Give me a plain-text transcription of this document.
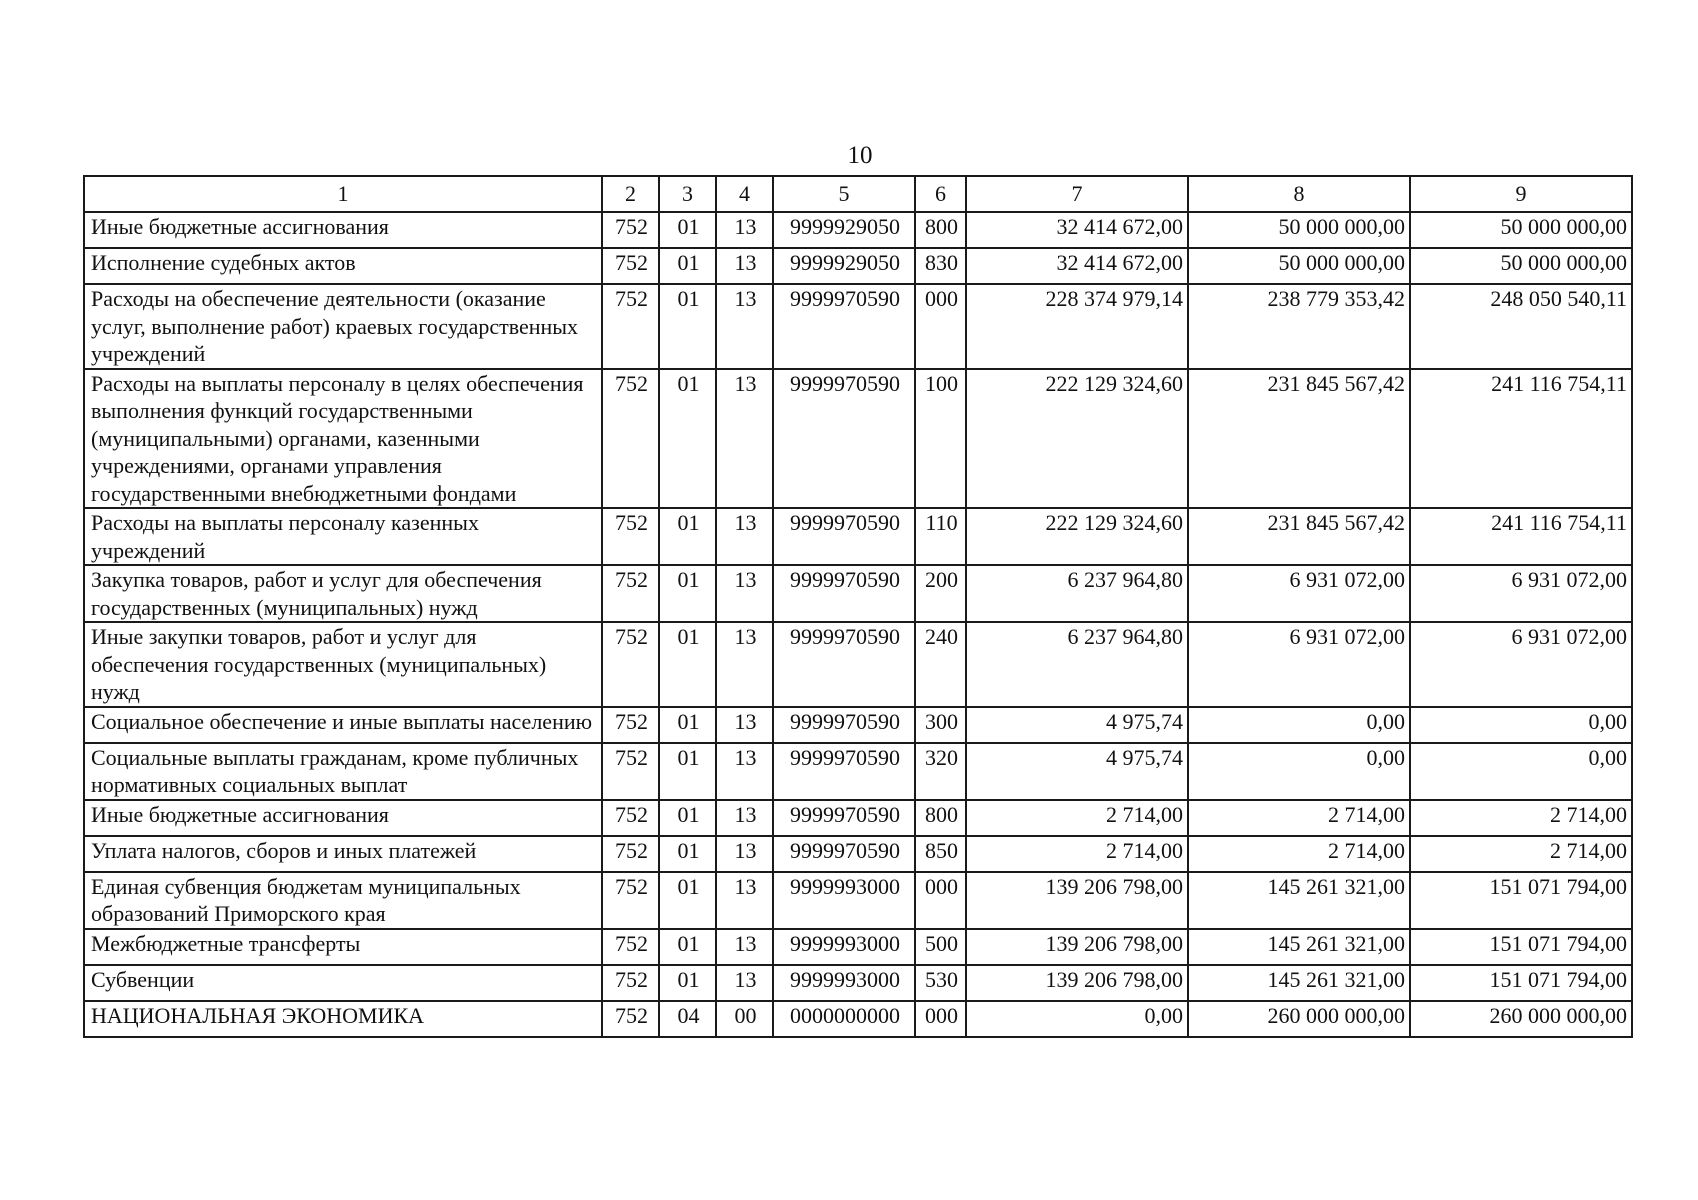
10
1	2	3	4	5	6	7	8	9
Иные бюджетные ассигнования	752	01	13	9999929050	800	32 414 672,00	50 000 000,00	50 000 000,00
Исполнение судебных актов	752	01	13	9999929050	830	32 414 672,00	50 000 000,00	50 000 000,00
Расходы на обеспечение деятельности (оказание услуг, выполнение работ) краевых государственных учреждений	752	01	13	9999970590	000	228 374 979,14	238 779 353,42	248 050 540,11
Расходы на выплаты персоналу в целях обеспечения выполнения функций государственными (муниципальными) органами, казенными учреждениями, органами управления государственными внебюджетными фондами	752	01	13	9999970590	100	222 129 324,60	231 845 567,42	241 116 754,11
Расходы на выплаты персоналу казенных учреждений	752	01	13	9999970590	110	222 129 324,60	231 845 567,42	241 116 754,11
Закупка товаров, работ и услуг для обеспечения государственных (муниципальных) нужд	752	01	13	9999970590	200	6 237 964,80	6 931 072,00	6 931 072,00
Иные закупки товаров, работ и услуг для обеспечения государственных (муниципальных) нужд	752	01	13	9999970590	240	6 237 964,80	6 931 072,00	6 931 072,00
Социальное обеспечение и иные выплаты населению	752	01	13	9999970590	300	4 975,74	0,00	0,00
Социальные выплаты гражданам, кроме публичных нормативных социальных выплат	752	01	13	9999970590	320	4 975,74	0,00	0,00
Иные бюджетные ассигнования	752	01	13	9999970590	800	2 714,00	2 714,00	2 714,00
Уплата налогов, сборов и иных платежей	752	01	13	9999970590	850	2 714,00	2 714,00	2 714,00
Единая субвенция бюджетам муниципальных образований Приморского края	752	01	13	9999993000	000	139 206 798,00	145 261 321,00	151 071 794,00
Межбюджетные трансферты	752	01	13	9999993000	500	139 206 798,00	145 261 321,00	151 071 794,00
Субвенции	752	01	13	9999993000	530	139 206 798,00	145 261 321,00	151 071 794,00
НАЦИОНАЛЬНАЯ ЭКОНОМИКА	752	04	00	0000000000	000	0,00	260 000 000,00	260 000 000,00
